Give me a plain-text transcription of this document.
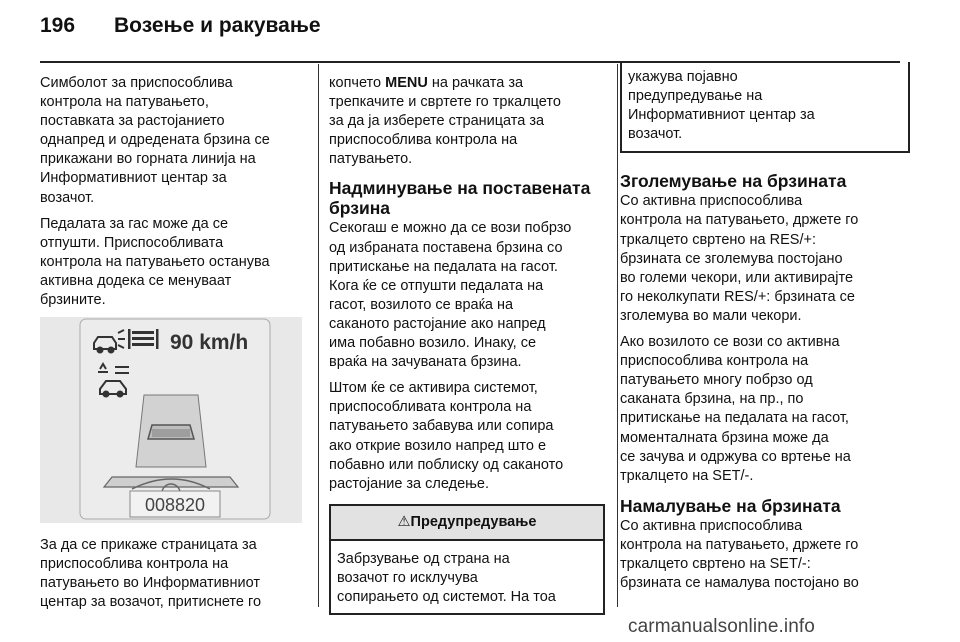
196 Возење и ракување

Симболот за приспособлива
контрола на патувањето,
поставката за растојанието
однапред и одредената брзина се
прикажани во горната линија на
Информативниот центар за
возачот.

Педалата за гас може да се
отпушти. Приспособливата
контрола на патувањето останува
активна додека се менуваат
брзините.

90 km/h
008820

За да се прикаже страницата за
приспособлива контрола на
патувањето во Информативниот
центар за возачот, притиснете го

копчето MENU на рачката за
трепкачите и свртете го тркалцето
за да ја изберете страницата за
приспособлива контрола на
патувањето.

Надминување на поставената брзина

Секогаш е можно да се вози побрзо
од избраната поставена брзина со
притискање на педалата на гасот.
Кога ќе се отпушти педалата на
гасот, возилото се враќа на
саканото растојание ако напред
има побавно возило. Инаку, се
враќа на зачуваната брзина.

Штом ќе се активира системот,
приспособливата контрола на
патувањето забавува или сопира
ако открие возило напред што е
побавно или поблиску од саканото
растојание за следење.

⚠Предупредување
Забрзување од страна на
возачот го исклучува
сопирањето од системот. На тоа
укажува појавно
предупредување на
Информативниот центар за
возачот.
Зголемување на брзината

Со активна приспособлива
контрола на патувањето, држете го
тркалцето свртено на RES/+:
брзината се зголемува постојано
во големи чекори, или активирајте
го неколкупати RES/+: брзината се
зголемува во мали чекори.

Ако возилото се вози со активна
приспособлива контрола на
патувањето многу побрзо од
саканата брзина, на пр., по
притискање на педалата на гасот,
моменталната брзина може да
се зачува и одржува со вртење на
тркалцето на SET/-.

Намалување на брзината

Со активна приспособлива
контрола на патувањето, држете го
тркалцето свртено на SET/-:
брзината се намалува постојано во

carmanualsonline.info
